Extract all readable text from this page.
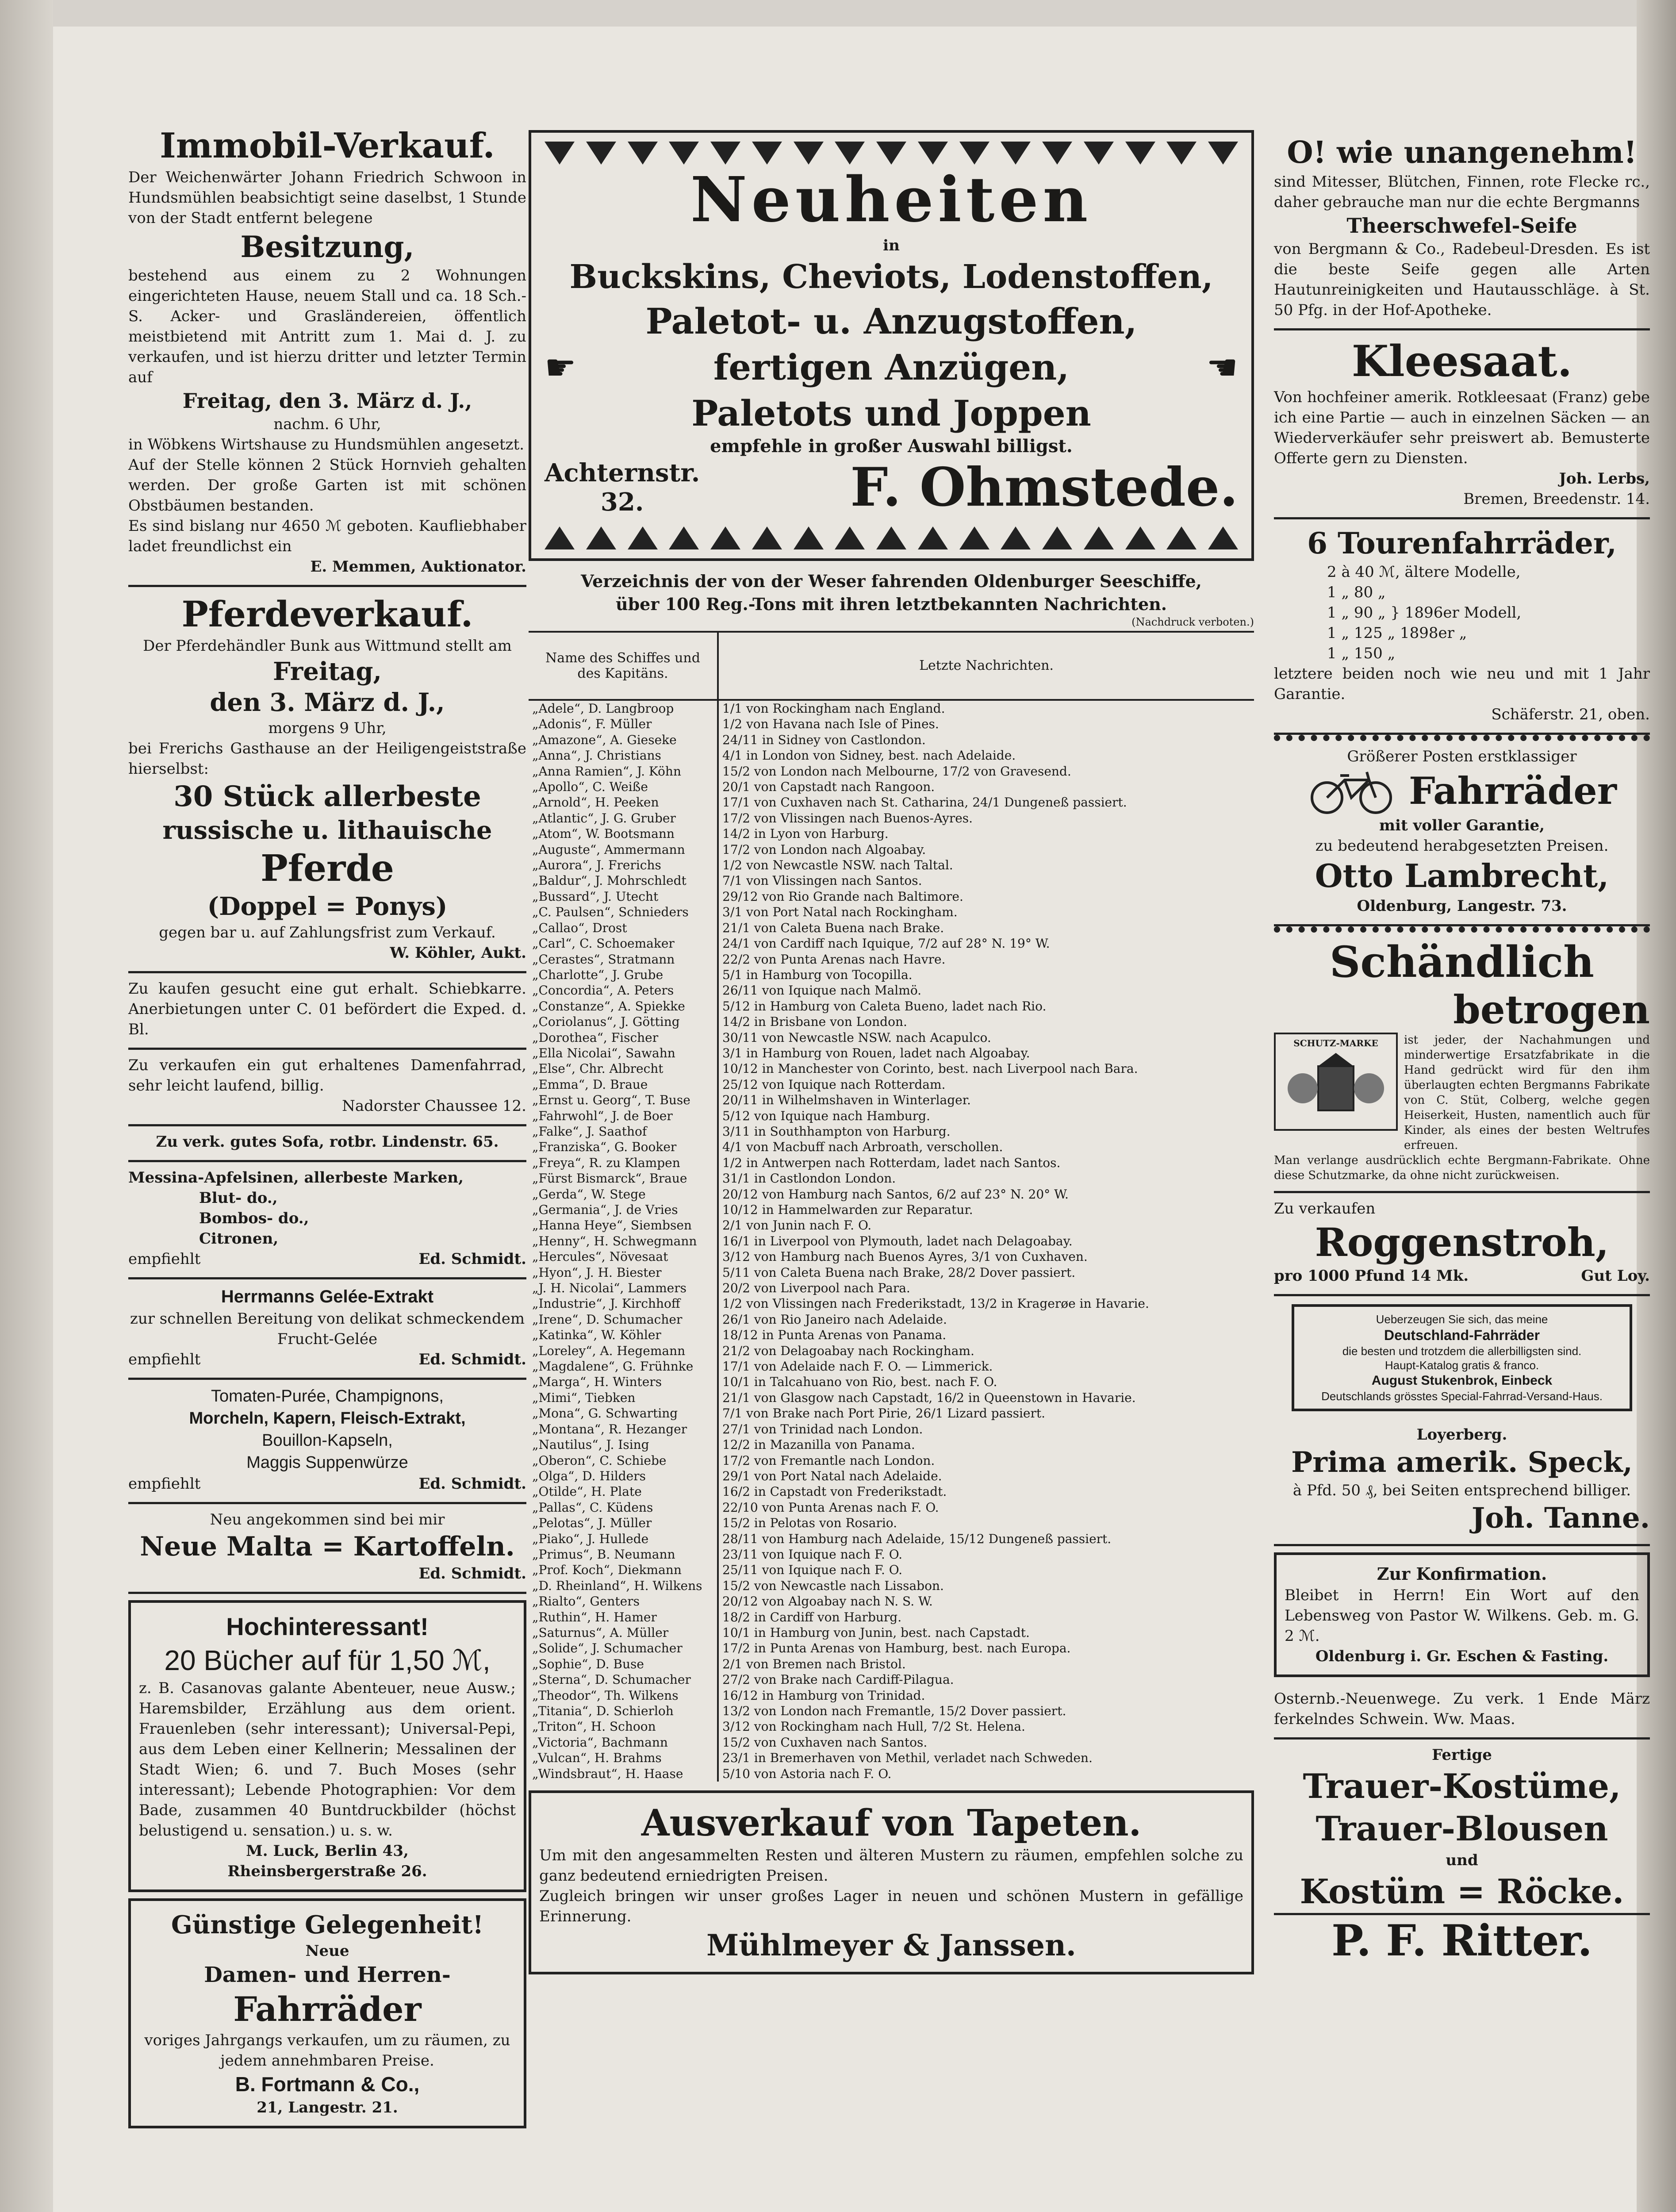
Immobil-Verkauf.

Der Weichenwärter Johann Friedrich Schwoon in Hundsmühlen beabsichtigt seine daselbst, 1 Stunde von der Stadt entfernt belegene

Besitzung,

bestehend aus einem zu 2 Wohnungen eingerichteten Hause, neuem Stall und ca. 18 Sch.-S. Acker- und Grasländereien, öffentlich meistbietend mit Antritt zum 1. Mai d. J. zu verkaufen, und ist hierzu dritter und letzter Termin auf

Freitag, den 3. März d. J.,

nachm. 6 Uhr,

in Wöbkens Wirtshause zu Hundsmühlen angesetzt.

Auf der Stelle können 2 Stück Hornvieh gehalten werden. Der große Garten ist mit schönen Obstbäumen bestanden.

Es sind bislang nur 4650 ℳ geboten. Kaufliebhaber ladet freundlichst ein

E. Memmen, Auktionator.

Pferdeverkauf.

Der Pferdehändler Bunk aus Wittmund stellt am

Freitag,
den 3. März d. J.,

morgens 9 Uhr,

bei Frerichs Gasthause an der Heiligengeiststraße hierselbst:

30 Stück allerbeste
russische u. lithauische
Pferde
(Doppel = Ponys)

gegen bar u. auf Zahlungsfrist zum Verkauf.

W. Köhler, Aukt.

Zu kaufen gesucht eine gut erhalt. Schiebkarre. Anerbietungen unter C. 01 befördert die Exped. d. Bl.

Zu verkaufen ein gut erhaltenes Damenfahrrad, sehr leicht laufend, billig.

Nadorster Chaussee 12.

Zu verk. gutes Sofa, rotbr. Lindenstr. 65.

Messina-Apfelsinen, allerbeste Marken,

Blut- do.,

Bombos- do.,

Citronen,

empfiehlt	Ed. Schmidt.

Herrmanns Gelée-Extrakt

zur schnellen Bereitung von delikat schmeckendem Frucht-Gelée

empfiehlt	Ed. Schmidt.

Tomaten-Purée, Champignons,

Morcheln, Kapern, Fleisch-Extrakt,

Bouillon-Kapseln,

Maggis Suppenwürze

empfiehlt	Ed. Schmidt.

Neu angekommen sind bei mir

Neue Malta = Kartoffeln.

Ed. Schmidt.

Hochinteressant!
20 Bücher auf für 1,50 ℳ,

z. B. Casanovas galante Abenteuer, neue Ausw.; Haremsbilder, Erzählung aus dem orient. Frauenleben (sehr interessant); Universal-Pepi, aus dem Leben einer Kellnerin; Messalinen der Stadt Wien; 6. und 7. Buch Moses (sehr interessant); Lebende Photographien: Vor dem Bade, zusammen 40 Buntdruckbilder (höchst belustigend u. sensation.) u. s. w.

M. Luck, Berlin 43,

Rheinsbergerstraße 26.

Günstige Gelegenheit!

Neue

Damen- und Herren-
Fahrräder

voriges Jahrgangs verkaufen, um zu räumen, zu jedem annehmbaren Preise.

B. Fortmann & Co.,

21, Langestr. 21.

Neuheiten

in

Buckskins, Cheviots, Lodenstoffen,
Paletot- u. Anzugstoffen,
☛	fertigen Anzügen,	☚
Paletots und Joppen

empfehle in großer Auswahl billigst.

Achternstr.
32.	F. Ohmstede.
Verzeichnis der von der Weser fahrenden Oldenburger Seeschiffe,
über 100 Reg.-Tons mit ihren letztbekannten Nachrichten.
(Nachdruck verboten.)
Name des Schiffes und des Kapitäns.	Letzte Nachrichten.
„Adele“, D. Langbroop	1/1 von Rockingham nach England.
„Adonis“, F. Müller	1/2 von Havana nach Isle of Pines.
„Amazone“, A. Gieseke	24/11 in Sidney von Castlondon.
„Anna“, J. Christians	4/1 in London von Sidney, best. nach Adelaide.
„Anna Ramien“, J. Köhn	15/2 von London nach Melbourne, 17/2 von Gravesend.
„Apollo“, C. Weiße	20/1 von Capstadt nach Rangoon.
„Arnold“, H. Peeken	17/1 von Cuxhaven nach St. Catharina, 24/1 Dungeneß passiert.
„Atlantic“, J. G. Gruber	17/2 von Vlissingen nach Buenos-Ayres.
„Atom“, W. Bootsmann	14/2 in Lyon von Harburg.
„Auguste“, Ammermann	17/2 von London nach Algoabay.
„Aurora“, J. Frerichs	1/2 von Newcastle NSW. nach Taltal.
„Baldur“, J. Mohrschledt	7/1 von Vlissingen nach Santos.
„Bussard“, J. Utecht	29/12 von Rio Grande nach Baltimore.
„C. Paulsen“, Schnieders	3/1 von Port Natal nach Rockingham.
„Callao“, Drost	21/1 von Caleta Buena nach Brake.
„Carl“, C. Schoemaker	24/1 von Cardiff nach Iquique, 7/2 auf 28° N. 19° W.
„Cerastes“, Stratmann	22/2 von Punta Arenas nach Havre.
„Charlotte“, J. Grube	5/1 in Hamburg von Tocopilla.
„Concordia“, A. Peters	26/11 von Iquique nach Malmö.
„Constanze“, A. Spiekke	5/12 in Hamburg von Caleta Bueno, ladet nach Rio.
„Coriolanus“, J. Götting	14/2 in Brisbane von London.
„Dorothea“, Fischer	30/11 von Newcastle NSW. nach Acapulco.
„Ella Nicolai“, Sawahn	3/1 in Hamburg von Rouen, ladet nach Algoabay.
„Else“, Chr. Albrecht	10/12 in Manchester von Corinto, best. nach Liverpool nach Bara.
„Emma“, D. Braue	25/12 von Iquique nach Rotterdam.
„Ernst u. Georg“, T. Buse	20/11 in Wilhelmshaven in Winterlager.
„Fahrwohl“, J. de Boer	5/12 von Iquique nach Hamburg.
„Falke“, J. Saathof	3/11 in Southhampton von Harburg.
„Franziska“, G. Booker	4/1 von Macbuff nach Arbroath, verschollen.
„Freya“, R. zu Klampen	1/2 in Antwerpen nach Rotterdam, ladet nach Santos.
„Fürst Bismarck“, Braue	31/1 in Castlondon London.
„Gerda“, W. Stege	20/12 von Hamburg nach Santos, 6/2 auf 23° N. 20° W.
„Germania“, J. de Vries	10/12 in Hammelwarden zur Reparatur.
„Hanna Heye“, Siembsen	2/1 von Junin nach F. O.
„Henny“, H. Schwegmann	16/1 in Liverpool von Plymouth, ladet nach Delagoabay.
„Hercules“, Növesaat	3/12 von Hamburg nach Buenos Ayres, 3/1 von Cuxhaven.
„Hyon“, J. H. Biester	5/11 von Caleta Buena nach Brake, 28/2 Dover passiert.
„J. H. Nicolai“, Lammers	20/2 von Liverpool nach Para.
„Industrie“, J. Kirchhoff	1/2 von Vlissingen nach Frederikstadt, 13/2 in Kragerøe in Havarie.
„Irene“, D. Schumacher	26/1 von Rio Janeiro nach Adelaide.
„Katinka“, W. Köhler	18/12 in Punta Arenas von Panama.
„Loreley“, A. Hegemann	21/2 von Delagoabay nach Rockingham.
„Magdalene“, G. Frühnke	17/1 von Adelaide nach F. O. — Limmerick.
„Marga“, H. Winters	10/1 in Talcahuano von Rio, best. nach F. O.
„Mimi“, Tiebken	21/1 von Glasgow nach Capstadt, 16/2 in Queenstown in Havarie.
„Mona“, G. Schwarting	7/1 von Brake nach Port Pirie, 26/1 Lizard passiert.
„Montana“, R. Hezanger	27/1 von Trinidad nach London.
„Nautilus“, J. Ising	12/2 in Mazanilla von Panama.
„Oberon“, C. Schiebe	17/2 von Fremantle nach London.
„Olga“, D. Hilders	29/1 von Port Natal nach Adelaide.
„Otilde“, H. Plate	16/2 in Capstadt von Frederikstadt.
„Pallas“, C. Küdens	22/10 von Punta Arenas nach F. O.
„Pelotas“, J. Müller	15/2 in Pelotas von Rosario.
„Piako“, J. Hullede	28/11 von Hamburg nach Adelaide, 15/12 Dungeneß passiert.
„Primus“, B. Neumann	23/11 von Iquique nach F. O.
„Prof. Koch“, Diekmann	25/11 von Iquique nach F. O.
„D. Rheinland“, H. Wilkens	15/2 von Newcastle nach Lissabon.
„Rialto“, Genters	20/12 von Algoabay nach N. S. W.
„Ruthin“, H. Hamer	18/2 in Cardiff von Harburg.
„Saturnus“, A. Müller	10/1 in Hamburg von Junin, best. nach Capstadt.
„Solide“, J. Schumacher	17/2 in Punta Arenas von Hamburg, best. nach Europa.
„Sophie“, D. Buse	2/1 von Bremen nach Bristol.
„Sterna“, D. Schumacher	27/2 von Brake nach Cardiff-Pilagua.
„Theodor“, Th. Wilkens	16/12 in Hamburg von Trinidad.
„Titania“, D. Schierloh	13/2 von London nach Fremantle, 15/2 Dover passiert.
„Triton“, H. Schoon	3/12 von Rockingham nach Hull, 7/2 St. Helena.
„Victoria“, Bachmann	15/2 von Cuxhaven nach Santos.
„Vulcan“, H. Brahms	23/1 in Bremerhaven von Methil, verladet nach Schweden.
„Windsbraut“, H. Haase	5/10 von Astoria nach F. O.
Ausverkauf von Tapeten.

Um mit den angesammelten Resten und älteren Mustern zu räumen, empfehlen solche zu ganz bedeutend erniedrigten Preisen.

Zugleich bringen wir unser großes Lager in neuen und schönen Mustern in gefällige Erinnerung.

Mühlmeyer & Janssen.
O! wie unangenehm!

sind Mitesser, Blütchen, Finnen, rote Flecke rc., daher gebrauche man nur die echte Bergmanns

Theerschwefel-Seife

von Bergmann & Co., Radebeul-Dresden. Es ist die beste Seife gegen alle Arten Hautunreinigkeiten und Hautausschläge. à St. 50 Pfg. in der Hof-Apotheke.

Kleesaat.

Von hochfeiner amerik. Rotkleesaat (Franz) gebe ich eine Partie — auch in einzelnen Säcken — an Wiederverkäufer sehr preiswert ab. Bemusterte Offerte gern zu Diensten.

Joh. Lerbs,

Bremen, Breedenstr. 14.

6 Tourenfahrräder,

2 à 40 ℳ, ältere Modelle,

1 „ 80 „

1 „ 90 „ } 1896er Modell,

1 „ 125 „ 1898er „

1 „ 150 „

letztere beiden noch wie neu und mit 1 Jahr Garantie.

Schäferstr. 21, oben.

Größerer Posten erstklassiger

Fahrräder

mit voller Garantie,

zu bedeutend herabgesetzten Preisen.

Otto Lambrecht,

Oldenburg, Langestr. 73.

Schändlich
betrogen
SCHUTZ-MARKE	ist jeder, der Nachahmungen und minderwertige Ersatzfabrikate in die Hand gedrückt wird für den ihm überlaugten echten Bergmanns Fabrikate von C. Stüt, Colberg, welche gegen Heiserkeit, Husten, namentlich auch für Kinder, als eines der besten Weltrufes erfreuen.

Man verlange ausdrücklich echte Bergmann-Fabrikate. Ohne diese Schutzmarke, da ohne nicht zurückweisen.

Zu verkaufen

Roggenstroh,

pro 1000 Pfund 14 Mk.	Gut Loy.

Ueberzeugen Sie sich, das meine
Deutschland-Fahrräder
die besten und trotzdem die allerbilligsten sind.
Haupt-Katalog gratis & franco.
August Stukenbrok, Einbeck
Deutschlands grösstes Special-Fahrrad-Versand-Haus.

Loyerberg.

Prima amerik. Speck,

à Pfd. 50 ₰, bei Seiten entsprechend billiger.

Joh. Tanne.
Zur Konfirmation.

Bleibet in Herrn! Ein Wort auf den Lebensweg von Pastor W. Wilkens. Geb. m. G. 2 ℳ.

Oldenburg i. Gr. Eschen & Fasting.

Osternb.-Neuenwege. Zu verk. 1 Ende März ferkelndes Schwein. Ww. Maas.

Fertige

Trauer-Kostüme,
Trauer-Blousen

und

Kostüm = Röcke.
P. F. Ritter.
